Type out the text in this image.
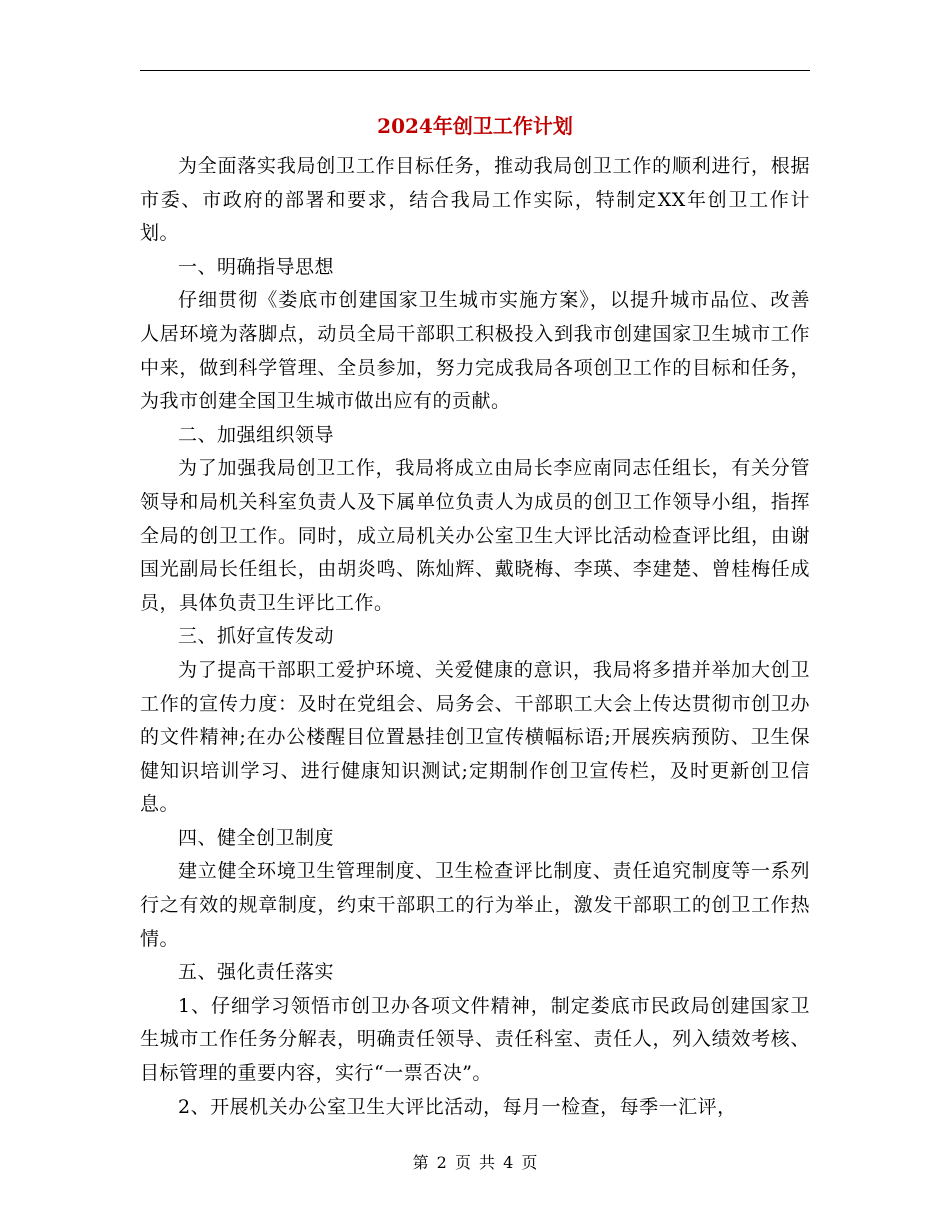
2024年创卫工作计划

为全面落实我局创卫工作目标任务，推动我局创卫工作的顺利进行，根据市委、市政府的部署和要求，结合我局工作实际，特制定XX年创卫工作计划。

一、明确指导思想

仔细贯彻《娄底市创建国家卫生城市实施方案》，以提升城市品位、改善人居环境为落脚点，动员全局干部职工积极投入到我市创建国家卫生城市工作中来，做到科学管理、全员参加，努力完成我局各项创卫工作的目标和任务，为我市创建全国卫生城市做出应有的贡献。

二、加强组织领导

为了加强我局创卫工作，我局将成立由局长李应南同志任组长，有关分管领导和局机关科室负责人及下属单位负责人为成员的创卫工作领导小组，指挥全局的创卫工作。同时，成立局机关办公室卫生大评比活动检查评比组，由谢国光副局长任组长，由胡炎鸣、陈灿辉、戴晓梅、李瑛、李建楚、曾桂梅任成员，具体负责卫生评比工作。

三、抓好宣传发动

为了提高干部职工爱护环境、关爱健康的意识，我局将多措并举加大创卫工作的宣传力度：及时在党组会、局务会、干部职工大会上传达贯彻市创卫办的文件精神;在办公楼醒目位置悬挂创卫宣传横幅标语;开展疾病预防、卫生保健知识培训学习、进行健康知识测试;定期制作创卫宣传栏，及时更新创卫信息。

四、健全创卫制度

建立健全环境卫生管理制度、卫生检查评比制度、责任追究制度等一系列行之有效的规章制度，约束干部职工的行为举止，激发干部职工的创卫工作热情。

五、强化责任落实

1、仔细学习领悟市创卫办各项文件精神，制定娄底市民政局创建国家卫生城市工作任务分解表，明确责任领导、责任科室、责任人，列入绩效考核、目标管理的重要内容，实行“一票否决”。

2、开展机关办公室卫生大评比活动，每月一检查，每季一汇评，

第 2 页 共 4 页
